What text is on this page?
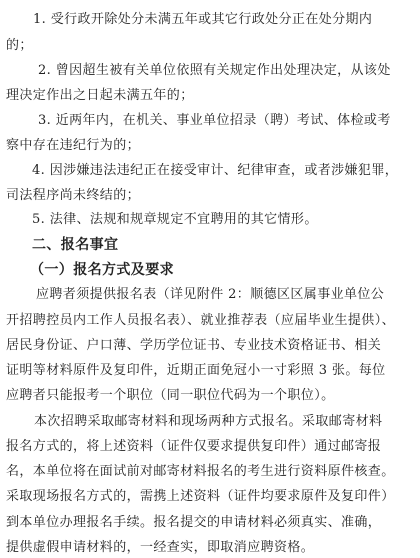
1. 受行政开除处分未满五年或其它行政处分正在处分期内
的；
2. 曾因超生被有关单位依照有关规定作出处理决定，从该处
理决定作出之日起未满五年的；
3. 近两年内，在机关、事业单位招录（聘）考试、体检或考
察中存在违纪行为的；
4. 因涉嫌违法违纪正在接受审计、纪律审查，或者涉嫌犯罪，
司法程序尚未终结的；
5. 法律、法规和规章规定不宜聘用的其它情形。
二、报名事宜
（一）报名方式及要求
应聘者须提供报名表（详见附件 2：顺德区区属事业单位公
开招聘控员内工作人员报名表）、就业推荐表（应届毕业生提供）、
居民身份证、户口薄、学历学位证书、专业技术资格证书、相关
证明等材料原件及复印件，近期正面免冠小一寸彩照 3 张。每位
应聘者只能报考一个职位（同一职位代码为一个职位）。
本次招聘采取邮寄材料和现场两种方式报名。采取邮寄材料
报名方式的，将上述资料（证件仅要求提供复印件）通过邮寄报
名，本单位将在面试前对邮寄材料报名的考生进行资料原件核查。
采取现场报名方式的，需携上述资料（证件均要求原件及复印件）
到本单位办理报名手续。报名提交的申请材料必须真实、准确，
提供虚假申请材料的，一经查实，即取消应聘资格。
